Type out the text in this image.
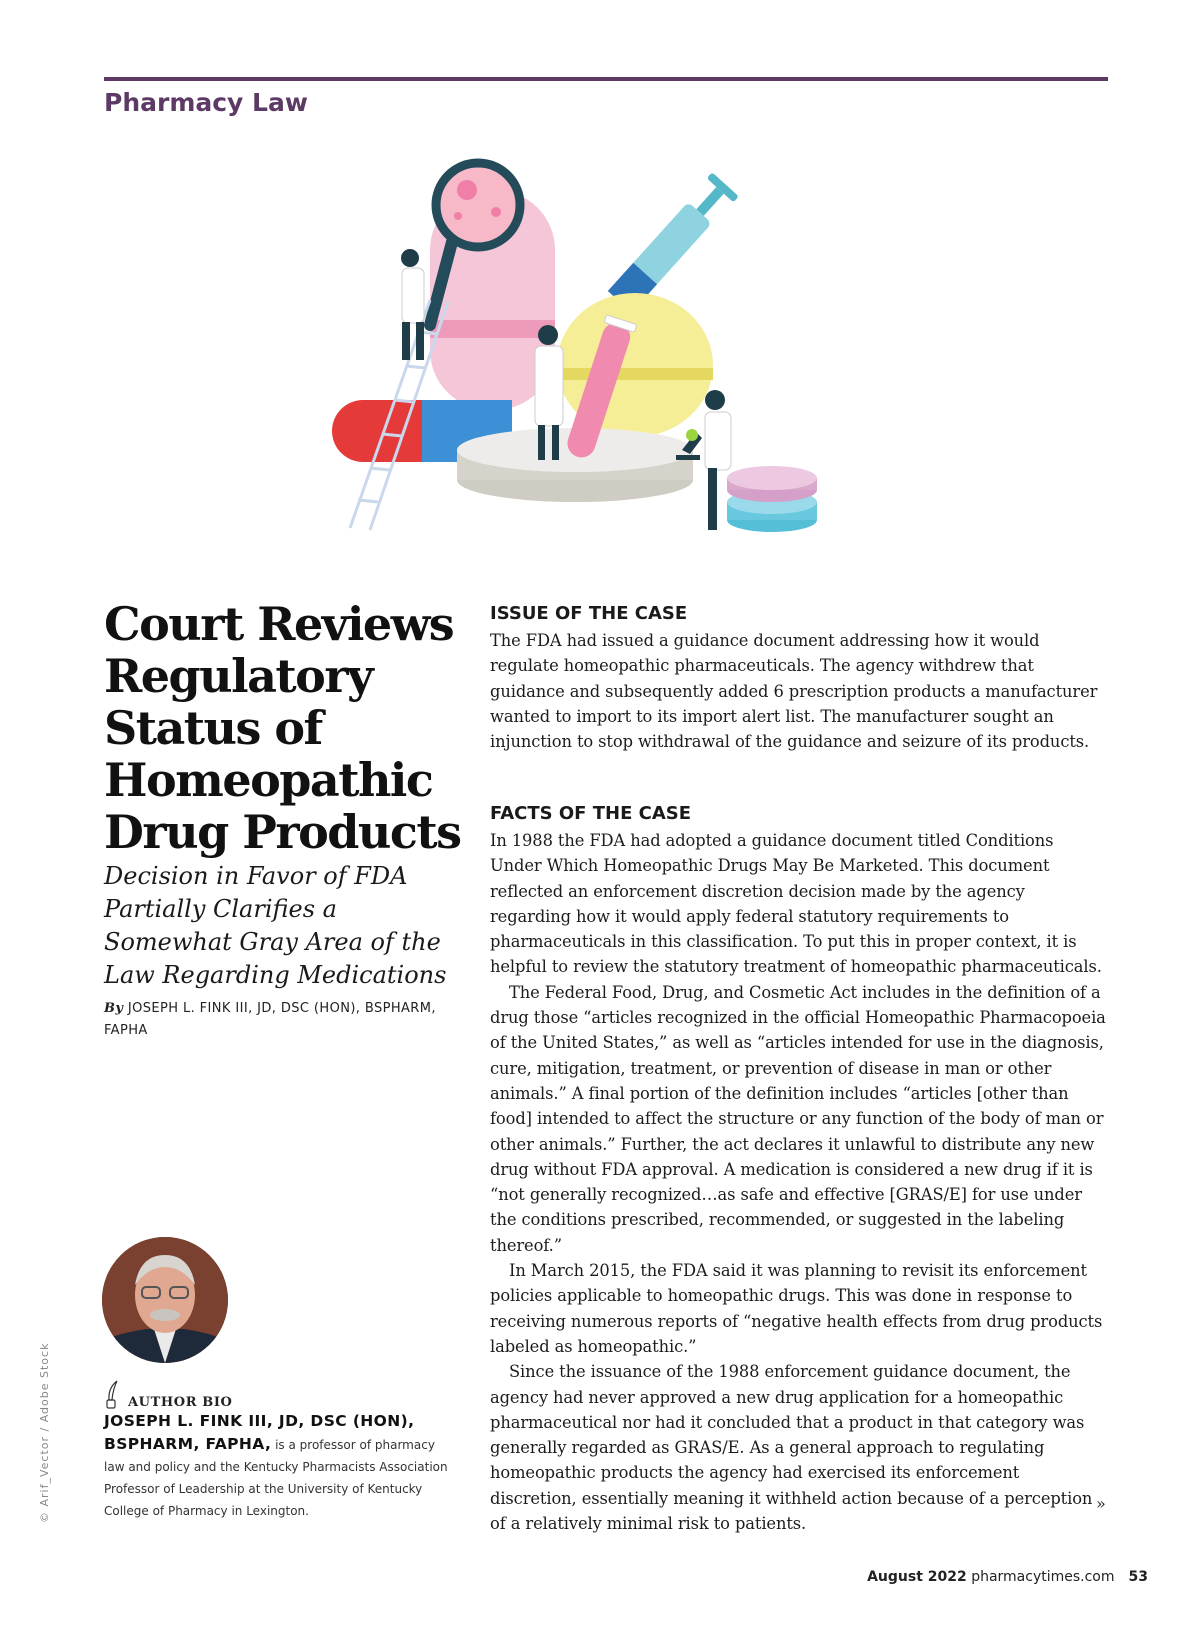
Pharmacy Law
Court Reviews Regulatory Status of Homeopathic Drug Products

Decision in Favor of FDA Partially Clarifies a Somewhat Gray Area of the Law Regarding Medications

By JOSEPH L. FINK III, JD, DSC (HON), BSPHARM, FAPHA
© Arif_Vector / Adobe Stock	AUTHOR BIO
JOSEPH L. FINK III, JD, DSC (HON), BSPHARM, FAPHA, is a professor of pharmacy law and policy and the Kentucky Pharmacists Association Professor of Leadership at the University of Kentucky College of Pharmacy in Lexington.
ISSUE OF THE CASE

The FDA had issued a guidance document addressing how it would regulate homeopathic pharmaceuticals. The agency withdrew that guidance and subsequently added 6 prescription products a manufacturer wanted to import to its import alert list. The manufacturer sought an injunction to stop withdrawal of the guidance and seizure of its products.

FACTS OF THE CASE

In 1988 the FDA had adopted a guidance document titled Conditions Under Which Homeopathic Drugs May Be Marketed. This document reflected an enforcement discretion decision made by the agency regarding how it would apply federal statutory requirements to pharmaceuticals in this classification. To put this in proper context, it is helpful to review the statutory treatment of homeopathic pharmaceuticals.

The Federal Food, Drug, and Cosmetic Act includes in the definition of a drug those “articles recognized in the official Homeopathic Pharmacopoeia of the United States,” as well as “articles intended for use in the diagnosis, cure, mitigation, treatment, or prevention of disease in man or other animals.” A final portion of the definition includes “articles [other than food] intended to affect the structure or any function of the body of man or other animals.” Further, the act declares it unlawful to distribute any new drug without FDA approval. A medication is considered a new drug if it is “not generally recognized…as safe and effective [GRAS/E] for use under the conditions prescribed, recommended, or suggested in the labeling thereof.”

In March 2015, the FDA said it was planning to revisit its enforcement policies applicable to homeopathic drugs. This was done in response to receiving numerous reports of “negative health effects from drug products labeled as homeopathic.”

Since the issuance of the 1988 enforcement guidance document, the agency had never approved a new drug application for a homeopathic pharmaceutical nor had it concluded that a product in that category was generally regarded as GRAS/E. As a general approach to regulating homeopathic products the agency had exercised its enforcement discretion, essentially meaning it withheld action because of a perception of a relatively minimal risk to patients.

»
August 2022 pharmacytimes.com 53
